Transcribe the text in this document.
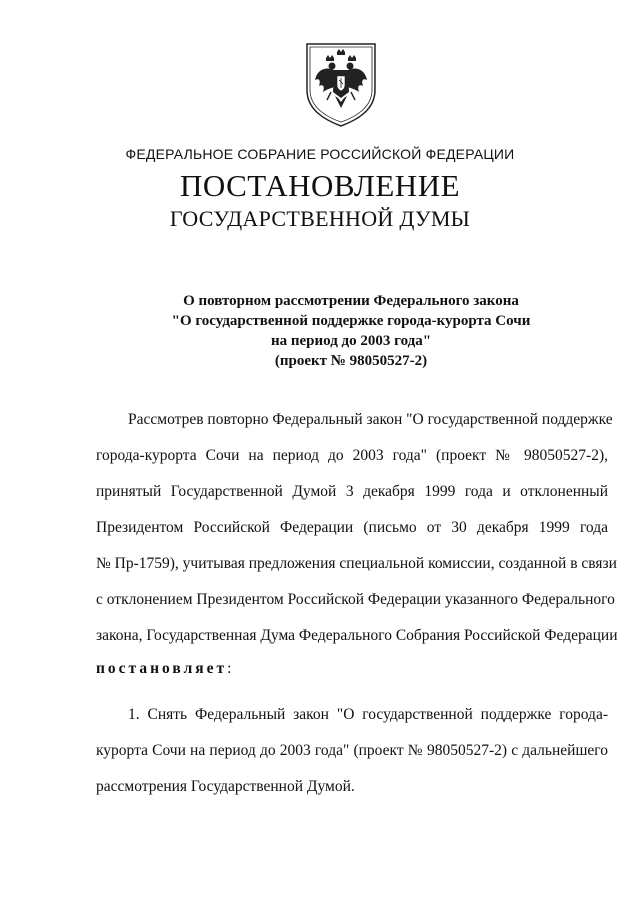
ФЕДЕРАЛЬНОЕ СОБРАНИЕ РОССИЙСКОЙ ФЕДЕРАЦИИ
ПОСТАНОВЛЕНИЕ
ГОСУДАРСТВЕННОЙ ДУМЫ
О повторном рассмотрении Федерального закона
"О государственной поддержке города-курорта Сочи
на период до 2003 года"
(проект № 98050527-2)
Рассмотрев повторно Федеральный закон "О государственной поддержке
города-курорта Сочи на период до 2003 года" (проект № 98050527-2),
принятый Государственной Думой 3 декабря 1999 года и отклоненный
Президентом Российской Федерации (письмо от 30 декабря 1999 года
№ Пр-1759), учитывая предложения специальной комиссии, созданной в связи
с отклонением Президентом Российской Федерации указанного Федерального
закона, Государственная Дума Федерального Собрания Российской Федерации
постановляет:
1. Снять Федеральный закон "О государственной поддержке города-
курорта Сочи на период до 2003 года" (проект № 98050527-2) с дальнейшего
рассмотрения Государственной Думой.
